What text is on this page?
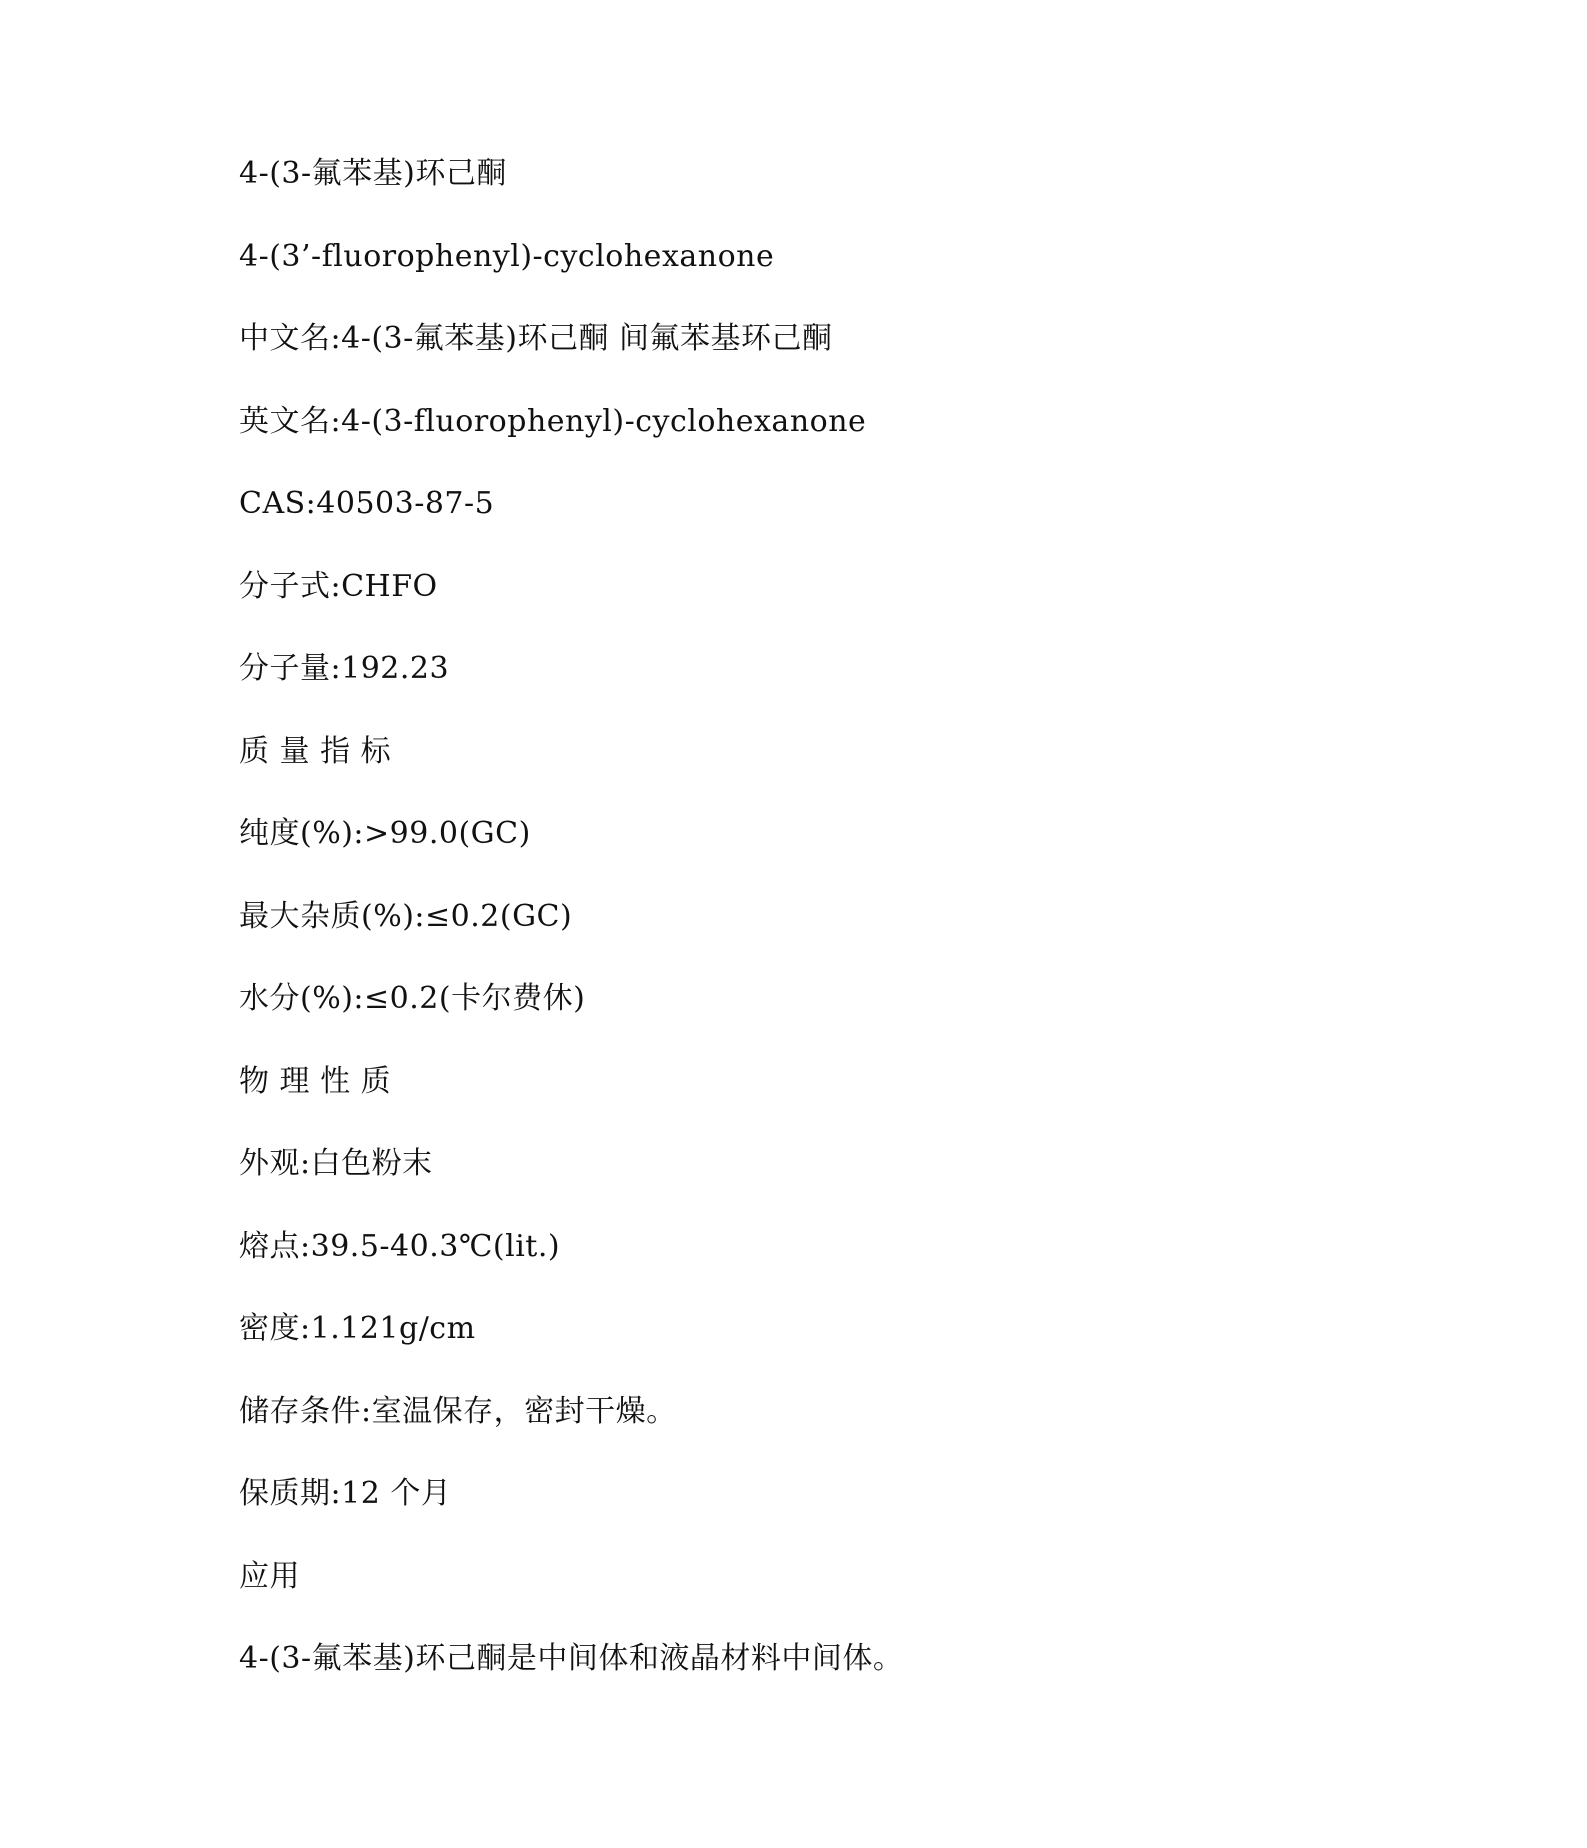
4-(3-氟苯基)环己酮
4-(3’-fluorophenyl)-cyclohexanone
中文名:4-(3-氟苯基)环己酮 间氟苯基环己酮
英文名:4-(3-fluorophenyl)-cyclohexanone
CAS:40503-87-5
分子式:CHFO
分子量:192.23
质 量 指 标
纯度(%):>99.0(GC)
最大杂质(%):≤0.2(GC)
水分(%):≤0.2(卡尔费休)
物 理 性 质
外观:白色粉末
熔点:39.5-40.3℃(lit.)
密度:1.121g/cm
储存条件:室温保存，密封干燥。
保质期:12 个月
应用
4-(3-氟苯基)环己酮是中间体和液晶材料中间体。
